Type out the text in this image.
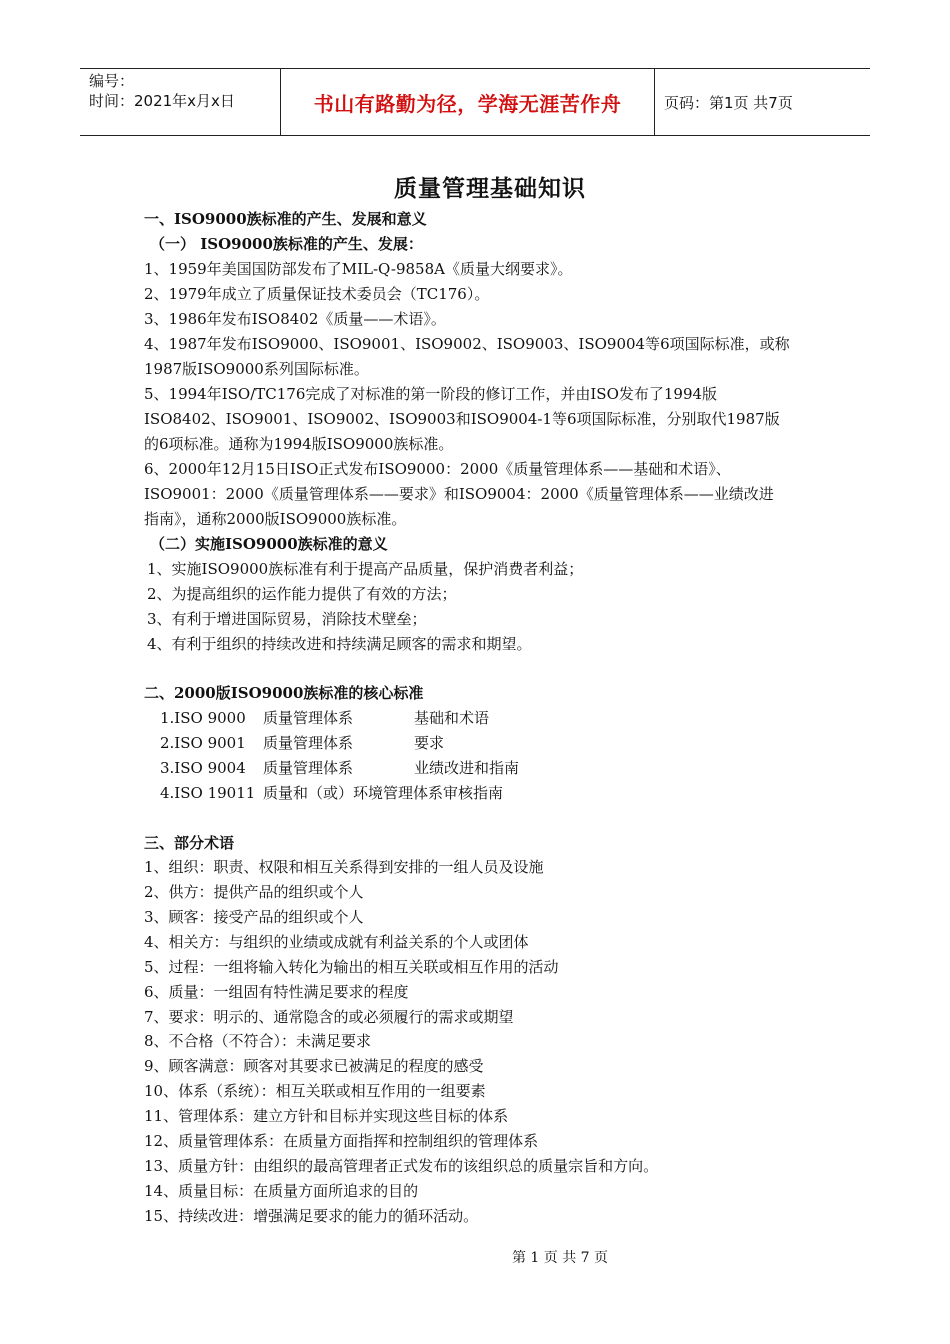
编号：
时间：2021年x月x日	书山有路勤为径，学海无涯苦作舟	页码：第1页 共7页
质量管理基础知识
一、ISO9000族标准的产生、发展和意义
（一） ISO9000族标准的产生、发展：
1、1959年美国国防部发布了MIL-Q-9858A《质量大纲要求》。
2、1979年成立了质量保证技术委员会（TC176）。
3、1986年发布ISO8402《质量——术语》。
4、1987年发布ISO9000、ISO9001、ISO9002、ISO9003、ISO9004等6项国际标准，或称
1987版ISO9000系列国际标准。
5、1994年ISO/TC176完成了对标准的第一阶段的修订工作，并由ISO发布了1994版
ISO8402、ISO9001、ISO9002、ISO9003和ISO9004-1等6项国际标准，分别取代1987版
的6项标准。通称为1994版ISO9000族标准。
6、2000年12月15日ISO正式发布ISO9000：2000《质量管理体系——基础和术语》、
ISO9001：2000《质量管理体系——要求》和ISO9004：2000《质量管理体系——业绩改进
指南》，通称2000版ISO9000族标准。
（二）实施ISO9000族标准的意义
1、实施ISO9000族标准有利于提高产品质量，保护消费者利益；
2、为提高组织的运作能力提供了有效的方法；
3、有利于增进国际贸易，消除技术壁垒；
4、有利于组织的持续改进和持续满足顾客的需求和期望。
二、2000版ISO9000族标准的核心标准
1.ISO 9000 质量管理体系	基础和术语
2.ISO 9001 质量管理体系	要求
3.ISO 9004 质量管理体系	业绩改进和指南
4.ISO 19011 质量和（或）环境管理体系审核指南
三、部分术语
1、组织：职责、权限和相互关系得到安排的一组人员及设施
2、供方：提供产品的组织或个人
3、顾客：接受产品的组织或个人
4、相关方：与组织的业绩或成就有利益关系的个人或团体
5、过程：一组将输入转化为输出的相互关联或相互作用的活动
6、质量：一组固有特性满足要求的程度
7、要求：明示的、通常隐含的或必须履行的需求或期望
8、不合格（不符合）：未满足要求
9、顾客满意：顾客对其要求已被满足的程度的感受
10、体系（系统）：相互关联或相互作用的一组要素
11、管理体系：建立方针和目标并实现这些目标的体系
12、质量管理体系：在质量方面指挥和控制组织的管理体系
13、质量方针：由组织的最高管理者正式发布的该组织总的质量宗旨和方向。
14、质量目标：在质量方面所追求的目的
15、持续改进：增强满足要求的能力的循环活动。
第 1 页 共 7 页
